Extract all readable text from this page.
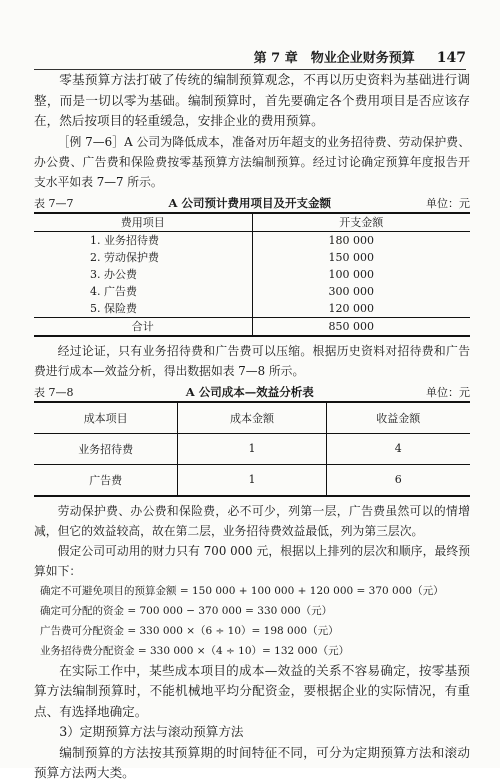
第 7 章　物业企业财务预算 147

零基预算方法打破了传统的编制预算观念，不再以历史资料为基础进行调整，而是一切以零为基础。编制预算时，首先要确定各个费用项目是否应该存在，然后按项目的轻重缓急，安排企业的费用预算。

［例 7—6］A 公司为降低成本，准备对历年超支的业务招待费、劳动保护费、办公费、广告费和保险费按零基预算方法编制预算。经过讨论确定预算年度报告开支水平如表 7—7 所示。

表 7—7	A 公司预计费用项目及开支金额	单位：元
费用项目	开支金额
1. 业务招待费	180 000
2. 劳动保护费	150 000
3. 办公费	100 000
4. 广告费	300 000
5. 保险费	120 000
合计	850 000

经过论证，只有业务招待费和广告费可以压缩。根据历史资料对招待费和广告费进行成本—效益分析，得出数据如表 7—8 所示。

表 7—8	A 公司成本—效益分析表	单位：元
成本项目	成本金额	收益金额
业务招待费	1	4
广告费	1	6

劳动保护费、办公费和保险费，必不可少，列第一层，广告费虽然可以的情增减，但它的效益较高，故在第二层，业务招待费效益最低，列为第三层次。

假定公司可动用的财力只有 700 000 元，根据以上排列的层次和顺序，最终预算如下：

确定不可避免项目的预算金额 = 150 000 + 100 000 + 120 000 = 370 000（元）
确定可分配的资金 = 700 000 − 370 000 = 330 000（元）
广告费可分配资金 = 330 000 ×（6 ÷ 10）= 198 000（元）
业务招待费分配资金 = 330 000 ×（4 ÷ 10）= 132 000（元）

在实际工作中，某些成本项目的成本—效益的关系不容易确定，按零基预算方法编制预算时，不能机械地平均分配资金，要根据企业的实际情况，有重点、有选择地确定。

3）定期预算方法与滚动预算方法

编制预算的方法按其预算期的时间特征不同，可分为定期预算方法和滚动预算方法两大类。
